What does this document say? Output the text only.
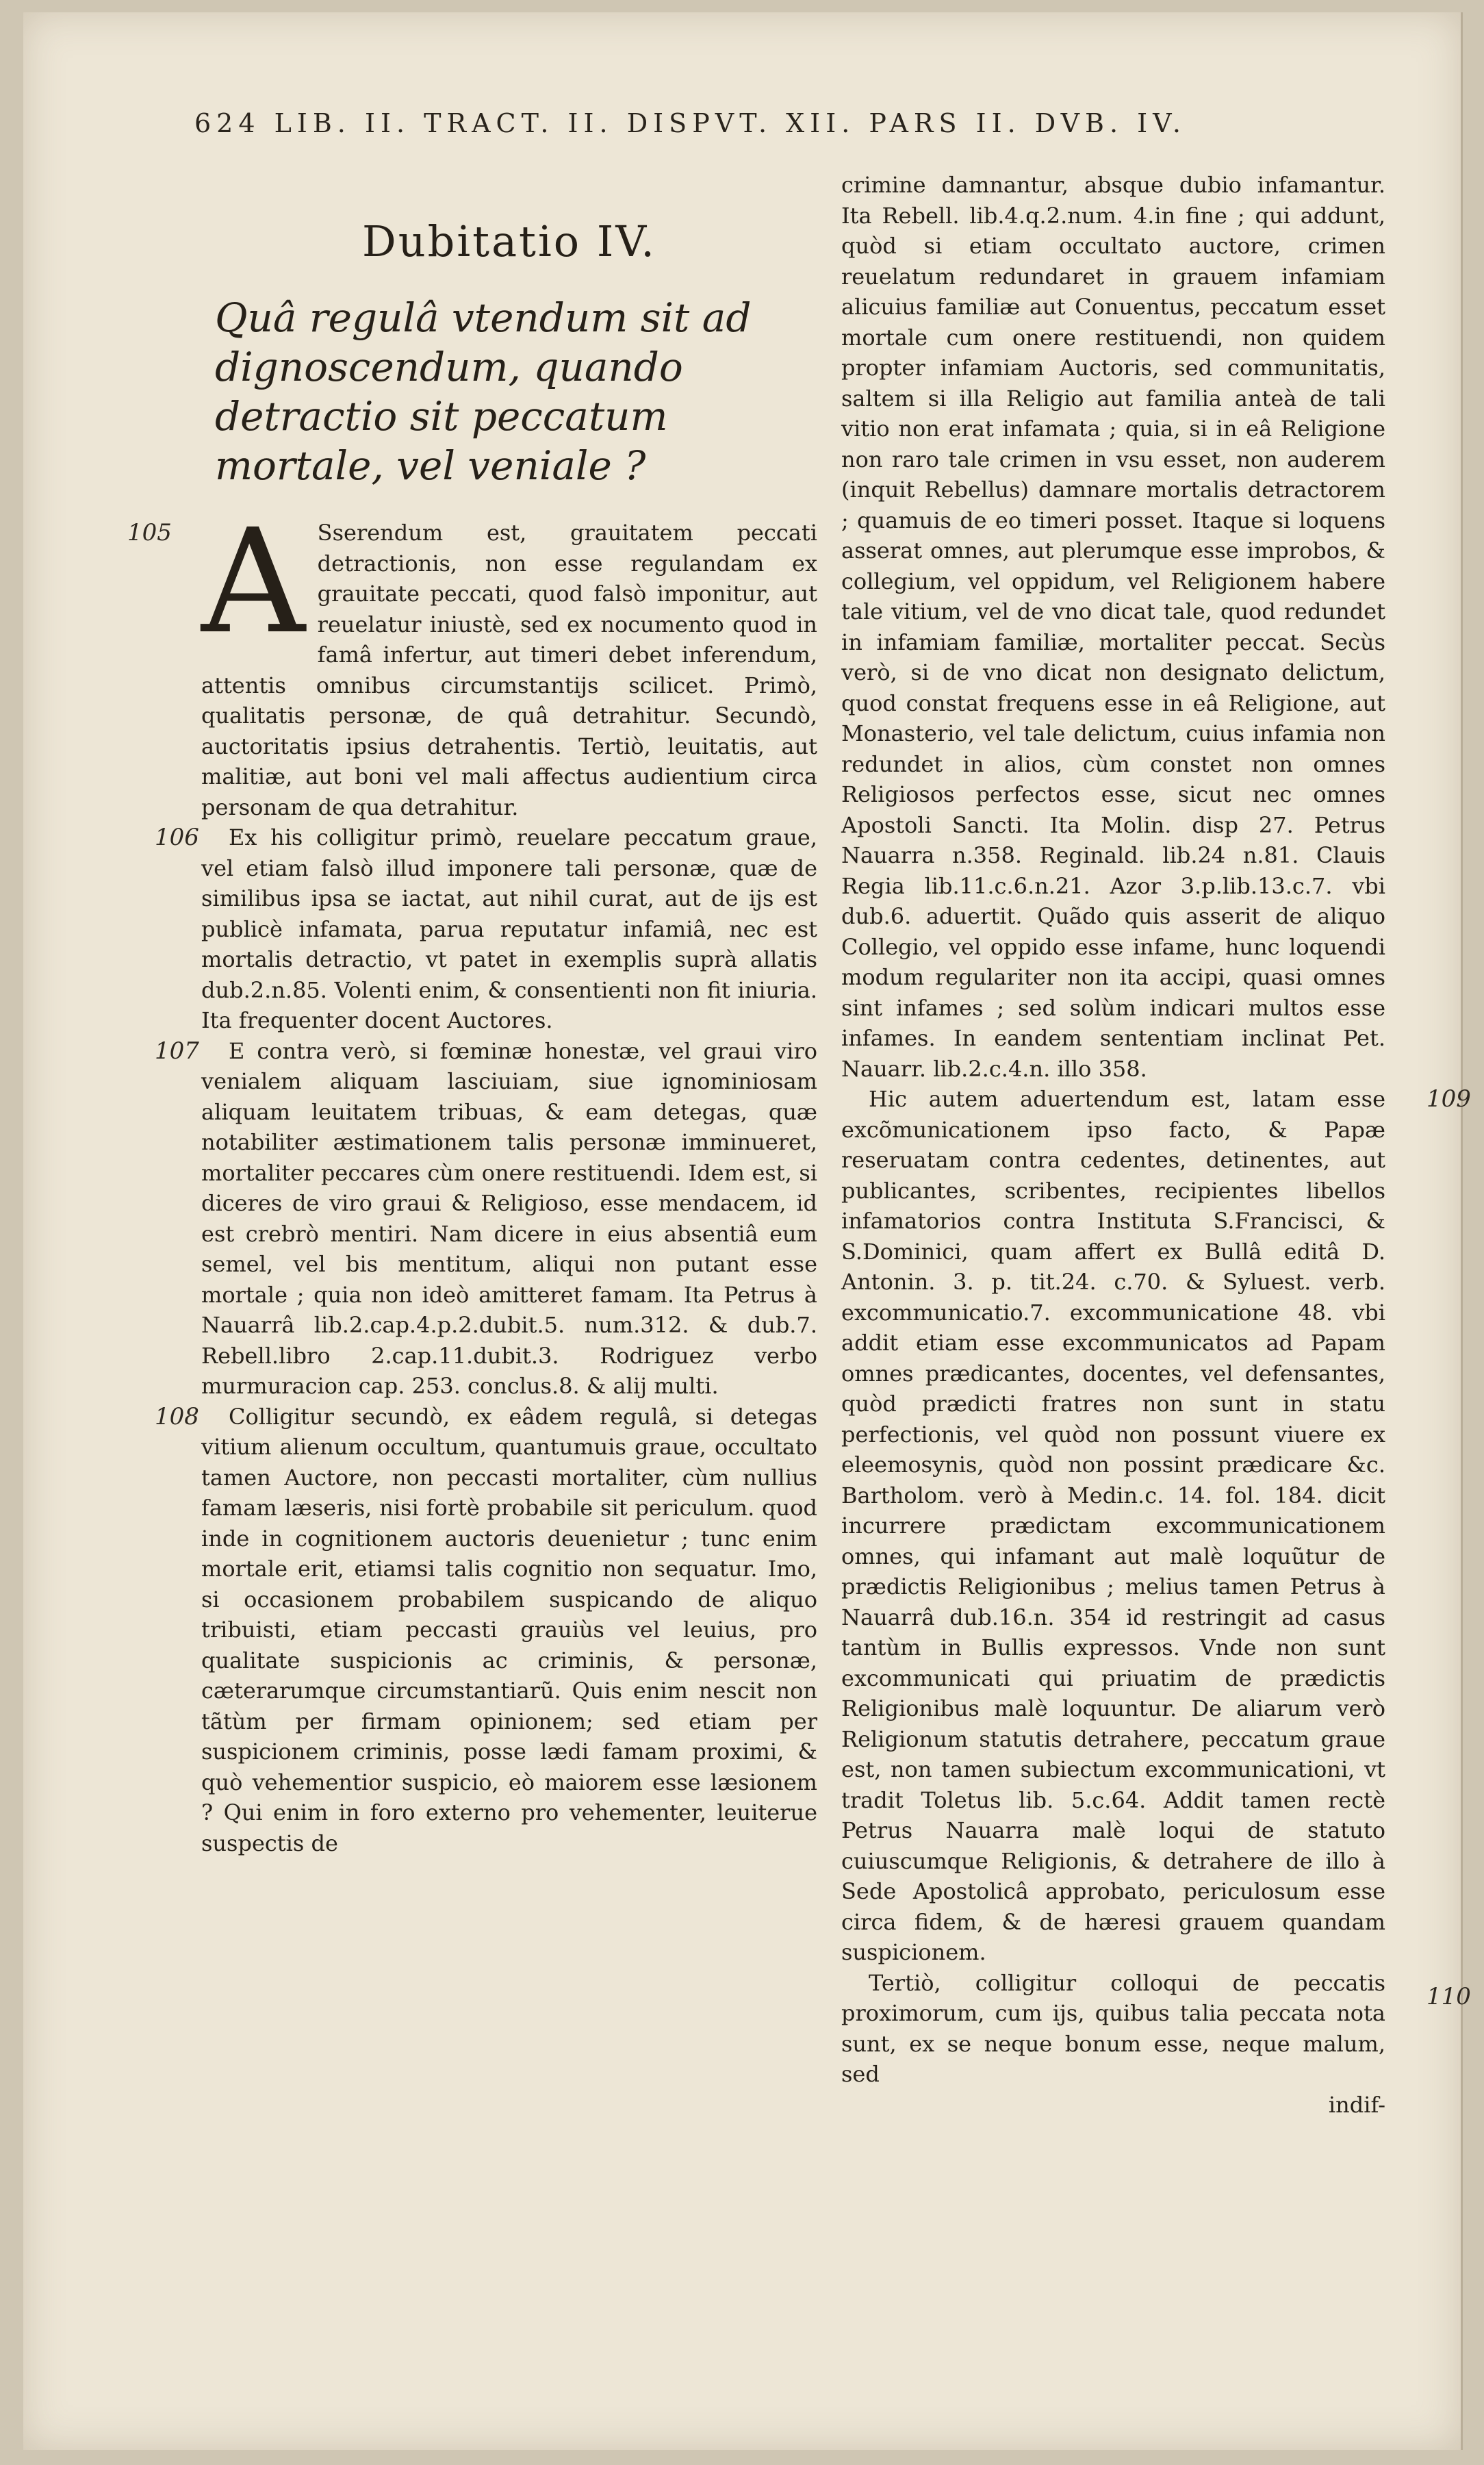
624 LIB. II. TRACT. II. DISPVT. XII. PARS II. DVB. IV.
Dubitatio IV.
Quâ regulâ vtendum sit ad dignoscendum, quando detractio sit peccatum mortale, vel veniale ?
105 A Sserendum est, grauitatem peccati detractionis, non esse regulandam ex grauitate peccati, quod falsò imponitur, aut reuelatur iniustè, sed ex nocumento quod in famâ infertur, aut timeri debet inferendum, attentis omnibus circumstantijs scilicet. Primò, qualitatis personæ, de quâ detrahitur. Secundò, auctoritatis ipsius detrahentis. Tertiò, leuitatis, aut malitiæ, aut boni vel mali affectus audientium circa personam de qua detrahitur.

106	Ex his colligitur primò, reuelare peccatum graue, vel etiam falsò illud imponere tali personæ, quæ de similibus ipsa se iactat, aut nihil curat, aut de ijs est publicè infamata, parua reputatur infamiâ, nec est mortalis detractio, vt patet in exemplis suprà allatis dub.2.n.85. Volenti enim, & consentienti non fit iniuria. Ita frequenter docent Auctores.

107	E contra verò, si fœminæ honestæ, vel graui viro venialem aliquam lasciuiam, siue ignominiosam aliquam leuitatem tribuas, & eam detegas, quæ notabiliter æstimationem talis personæ imminueret, mortaliter peccares cùm onere restituendi. Idem est, si diceres de viro graui & Religioso, esse mendacem, id est crebrò mentiri. Nam dicere in eius absentiâ eum semel, vel bis mentitum, aliqui non putant esse mortale ; quia non ideò amitteret famam. Ita Petrus à Nauarrâ lib.2.cap.4.p.2.dubit.5. num.312. & dub.7. Rebell.libro 2.cap.11.dubit.3. Rodriguez verbo murmuracion cap. 253. conclus.8. & alij multi.

108	Colligitur secundò, ex eâdem regulâ, si detegas vitium alienum occultum, quantumuis graue, occultato tamen Auctore, non peccasti mortaliter, cùm nullius famam læseris, nisi fortè probabile sit periculum. quod inde in cognitionem auctoris deuenietur ; tunc enim mortale erit, etiamsi talis cognitio non sequatur. Imo, si occasionem probabilem suspicando de aliquo tribuisti, etiam peccasti grauiùs vel leuius, pro qualitate suspicionis ac criminis, & personæ, cæterarumque circumstantiarũ. Quis enim nescit non tãtùm per firmam opinionem; sed etiam per suspicionem criminis, posse lædi famam proximi, & quò vehementior suspicio, eò maiorem esse læsionem ? Qui enim in foro externo pro vehementer, leuiterue suspectis de

crimine damnantur, absque dubio infamantur. Ita Rebell. lib.4.q.2.num. 4.in fine ; qui addunt, quòd si etiam occultato auctore, crimen reuelatum redundaret in grauem infamiam alicuius familiæ aut Conuentus, peccatum esset mortale cum onere restituendi, non quidem propter infamiam Auctoris, sed communitatis, saltem si illa Religio aut familia anteà de tali vitio non erat infamata ; quia, si in eâ Religione non raro tale crimen in vsu esset, non auderem (inquit Rebellus) damnare mortalis detractorem ; quamuis de eo timeri posset. Itaque si loquens asserat omnes, aut plerumque esse improbos, & collegium, vel oppidum, vel Religionem habere tale vitium, vel de vno dicat tale, quod redundet in infamiam familiæ, mortaliter peccat. Secùs verò, si de vno dicat non designato delictum, quod constat frequens esse in eâ Religione, aut Monasterio, vel tale delictum, cuius infamia non redundet in alios, cùm constet non omnes Religiosos perfectos esse, sicut nec omnes Apostoli Sancti. Ita Molin. disp 27. Petrus Nauarra n.358. Reginald. lib.24 n.81. Clauis Regia lib.11.c.6.n.21. Azor 3.p.lib.13.c.7. vbi dub.6. aduertit. Quãdo quis asserit de aliquo Collegio, vel oppido esse infame, hunc loquendi modum regulariter non ita accipi, quasi omnes sint infames ; sed solùm indicari multos esse infames. In eandem sententiam inclinat Pet. Nauarr. lib.2.c.4.n. illo 358.

109

Hic autem aduertendum est, latam esse excõmunicationem ipso facto, & Papæ reseruatam contra cedentes, detinentes, aut publicantes, scribentes, recipientes libellos infamatorios contra Instituta S.Francisci, & S.Dominici, quam affert ex Bullâ editâ D. Antonin. 3. p. tit.24. c.70. & Syluest. verb. excommunicatio.7. excommunicatione 48. vbi addit etiam esse excommunicatos ad Papam omnes prædicantes, docentes, vel defensantes, quòd prædicti fratres non sunt in statu perfectionis, vel quòd non possunt viuere ex eleemosynis, quòd non possint prædicare &c. Bartholom. verò à Medin.c. 14. fol. 184. dicit incurrere prædictam excommunicationem omnes, qui infamant aut malè loquũtur de prædictis Religionibus ; melius tamen Petrus à Nauarrâ dub.16.n. 354 id restringit ad casus tantùm in Bullis expressos. Vnde non sunt excommunicati qui priuatim de prædictis Religionibus malè loquuntur. De aliarum verò Religionum statutis detrahere, peccatum graue est, non tamen subiectum excommunicationi, vt tradit Toletus lib. 5.c.64. Addit tamen rectè Petrus Nauarra malè loqui de statuto cuiuscumque Religionis, & detrahere de illo à Sede Apostolicâ approbato, periculosum esse circa fidem, & de hæresi grauem quandam suspicionem.

110

Tertiò, colligitur colloqui de peccatis proximorum, cum ijs, quibus talia peccata nota sunt, ex se neque bonum esse, neque malum, sed

indif-
